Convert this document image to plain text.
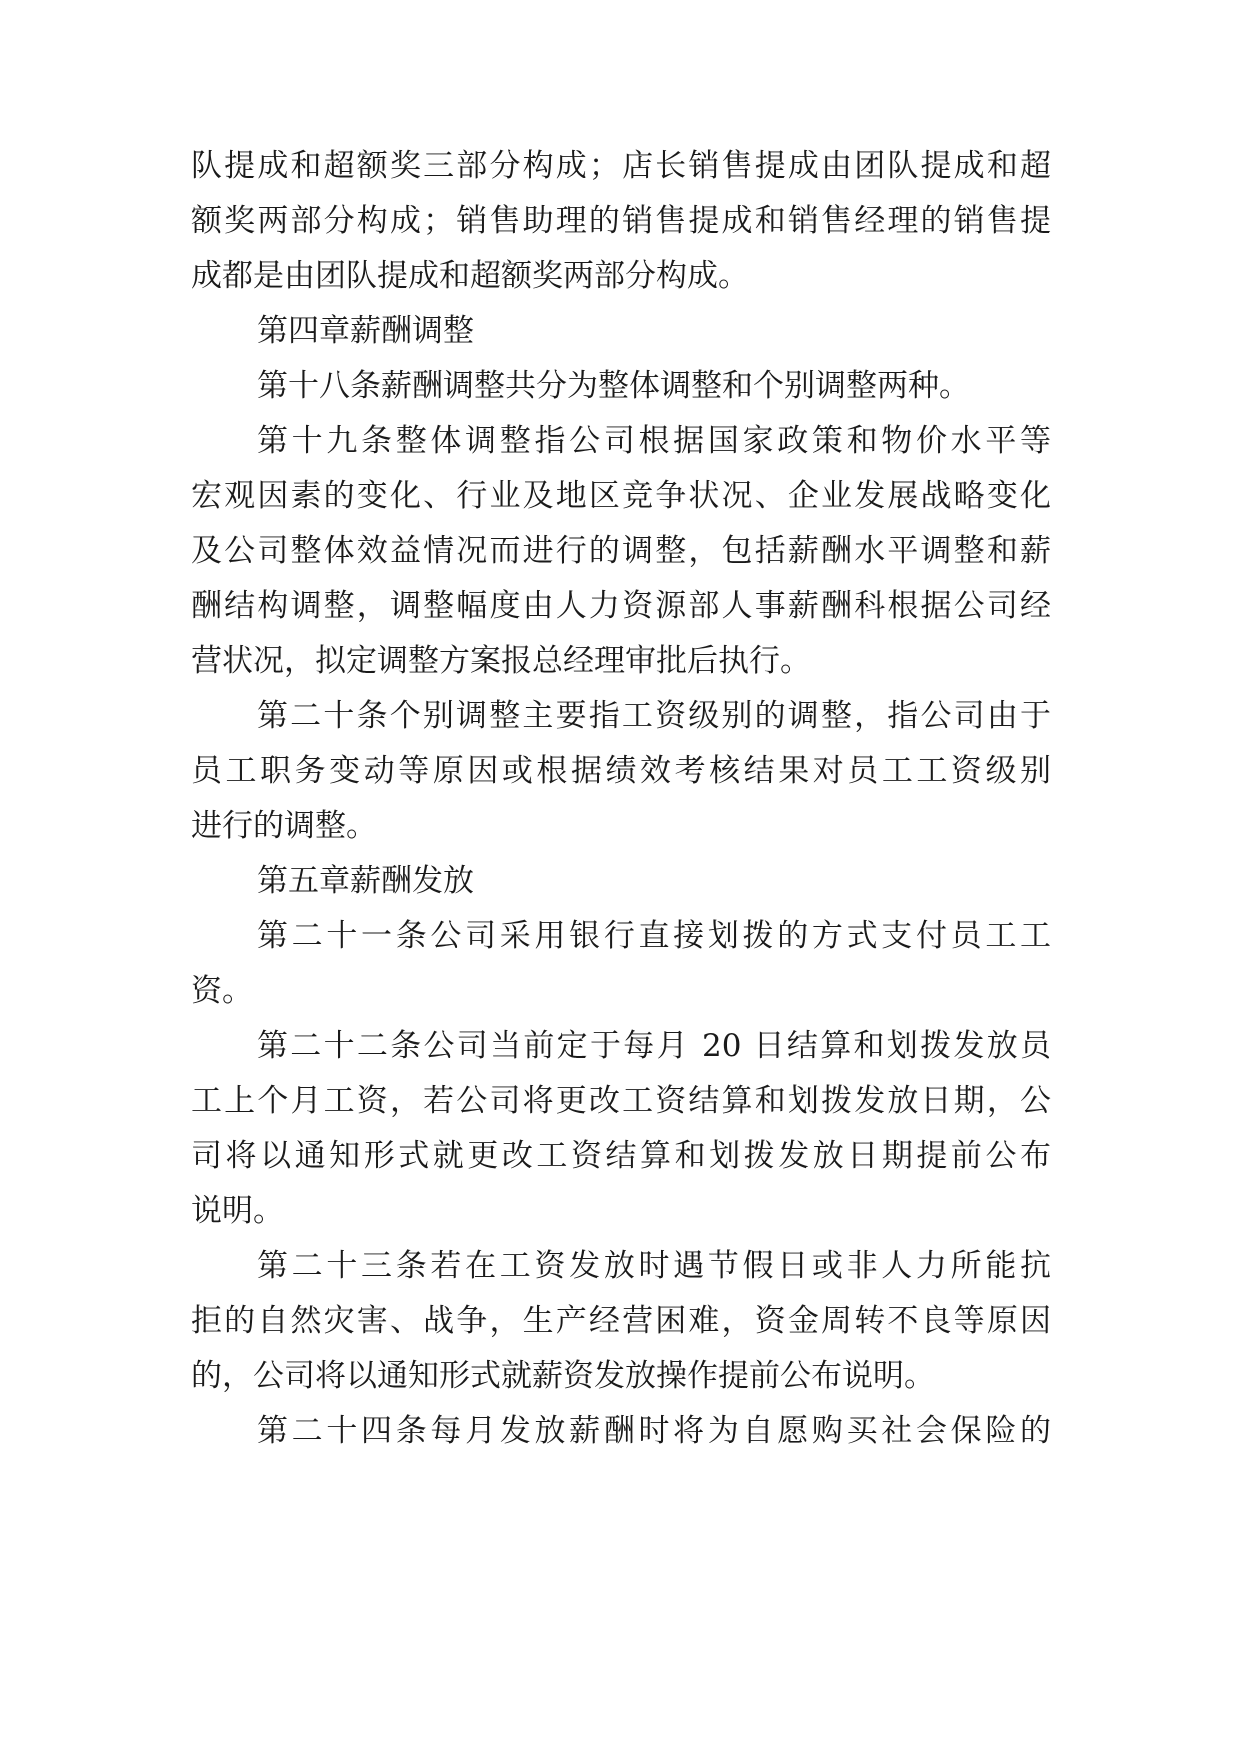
队提成和超额奖三部分构成；店长销售提成由团队提成和超
额奖两部分构成；销售助理的销售提成和销售经理的销售提
成都是由团队提成和超额奖两部分构成。
第四章薪酬调整
第十八条薪酬调整共分为整体调整和个别调整两种。
第十九条整体调整指公司根据国家政策和物价水平等
宏观因素的变化、行业及地区竞争状况、企业发展战略变化
及公司整体效益情况而进行的调整，包括薪酬水平调整和薪
酬结构调整，调整幅度由人力资源部人事薪酬科根据公司经
营状况，拟定调整方案报总经理审批后执行。
第二十条个别调整主要指工资级别的调整，指公司由于
员工职务变动等原因或根据绩效考核结果对员工工资级别
进行的调整。
第五章薪酬发放
第二十一条公司采用银行直接划拨的方式支付员工工
资。
第二十二条公司当前定于每月 20 日结算和划拨发放员
工上个月工资，若公司将更改工资结算和划拨发放日期，公
司将以通知形式就更改工资结算和划拨发放日期提前公布
说明。
第二十三条若在工资发放时遇节假日或非人力所能抗
拒的自然灾害、战争，生产经营困难，资金周转不良等原因
的，公司将以通知形式就薪资发放操作提前公布说明。
第二十四条每月发放薪酬时将为自愿购买社会保险的
